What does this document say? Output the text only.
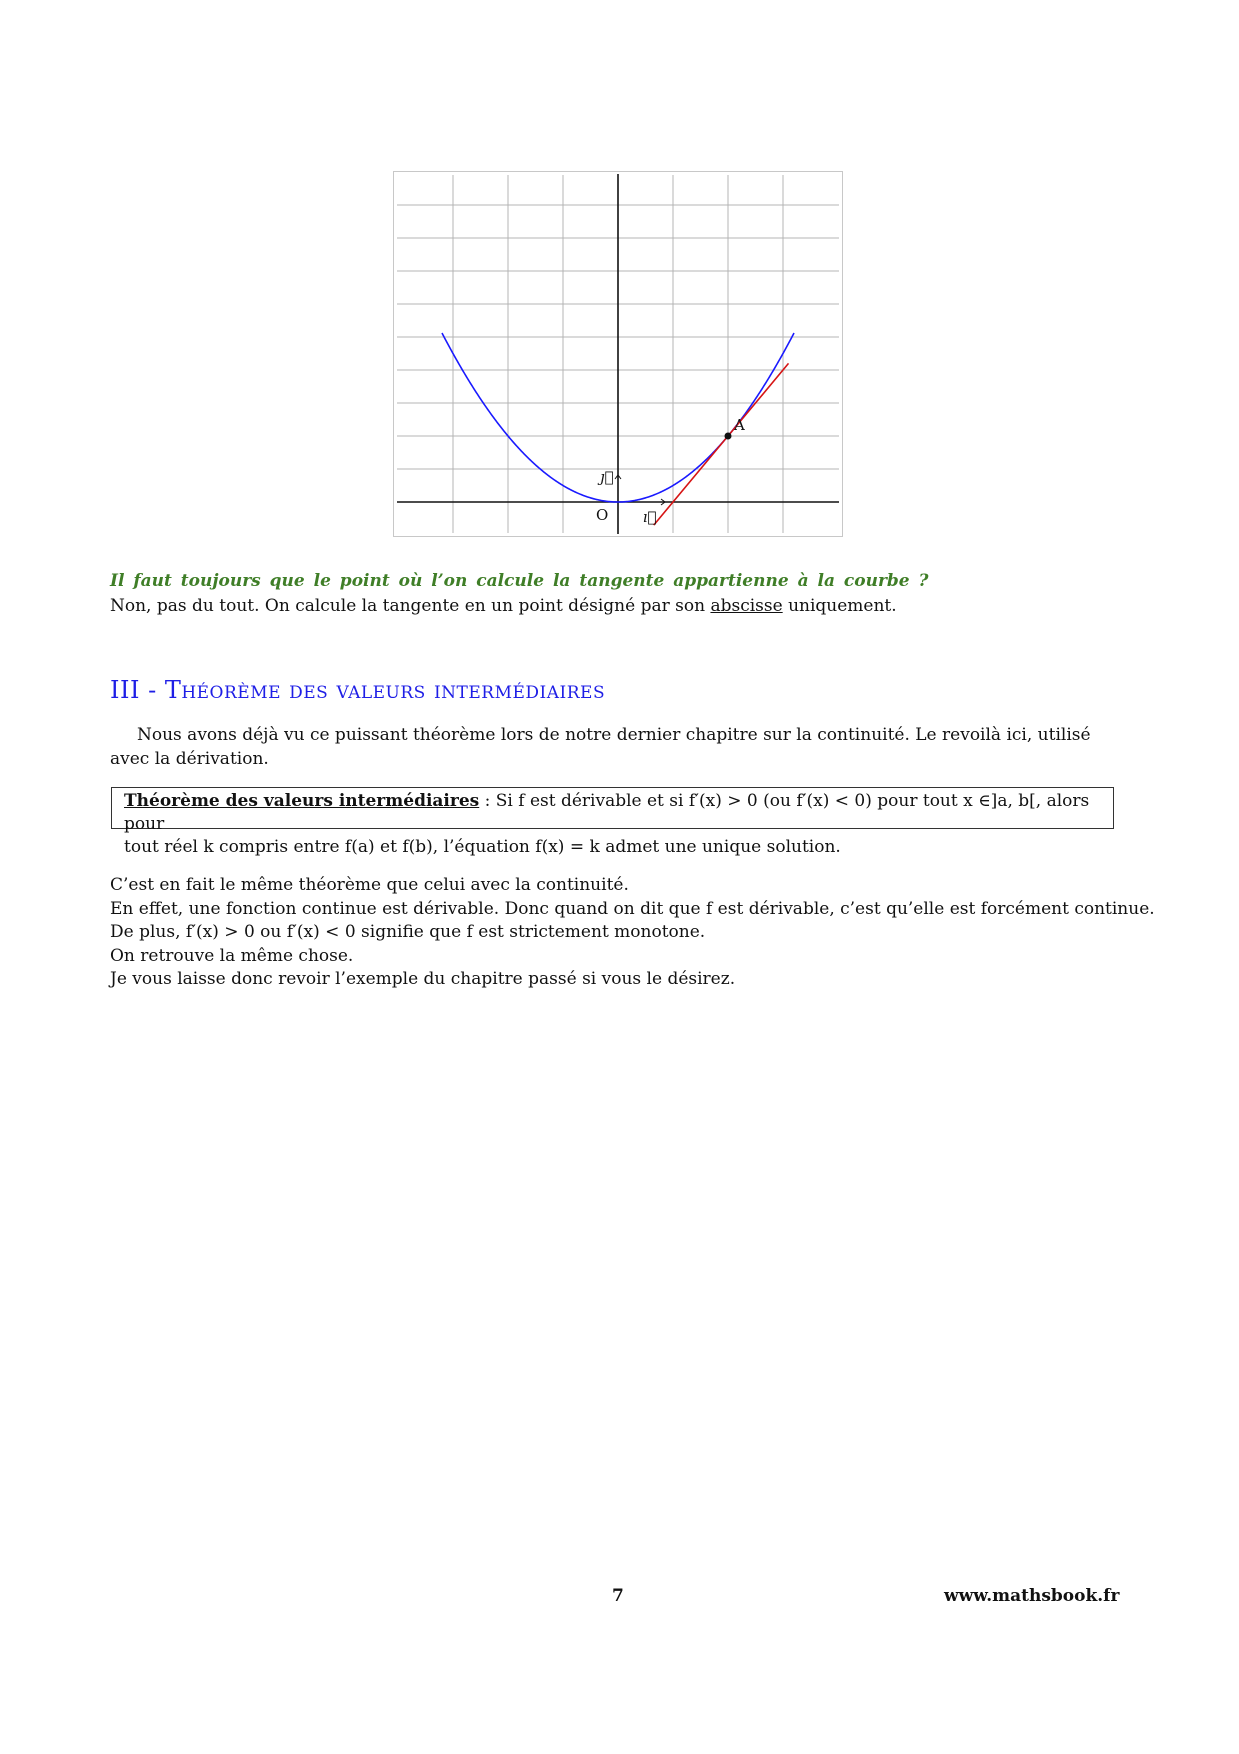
A
O ı⃗
ȷ⃗
Il faut toujours que le point où l’on calcule la tangente appartienne à la courbe ?
Non, pas du tout. On calcule la tangente en un point désigné par son abscisse uniquement.
III - Théorème des valeurs intermédiaires
Nous avons déjà vu ce puissant théorème lors de notre dernier chapitre sur la continuité. Le revoilà ici, utilisé avec la dérivation.
Théorème des valeurs intermédiaires : Si f est dérivable et si f′(x) > 0 (ou f′(x) < 0) pour tout x ∈]a, b[, alors pour
tout réel k compris entre f(a) et f(b), l’équation f(x) = k admet une unique solution.
C’est en fait le même théorème que celui avec la continuité.
En effet, une fonction continue est dérivable. Donc quand on dit que f est dérivable, c’est qu’elle est forcément continue.
De plus, f′(x) > 0 ou f′(x) < 0 signifie que f est strictement monotone.
On retrouve la même chose.
Je vous laisse donc revoir l’exemple du chapitre passé si vous le désirez.
7	www.mathsbook.fr
